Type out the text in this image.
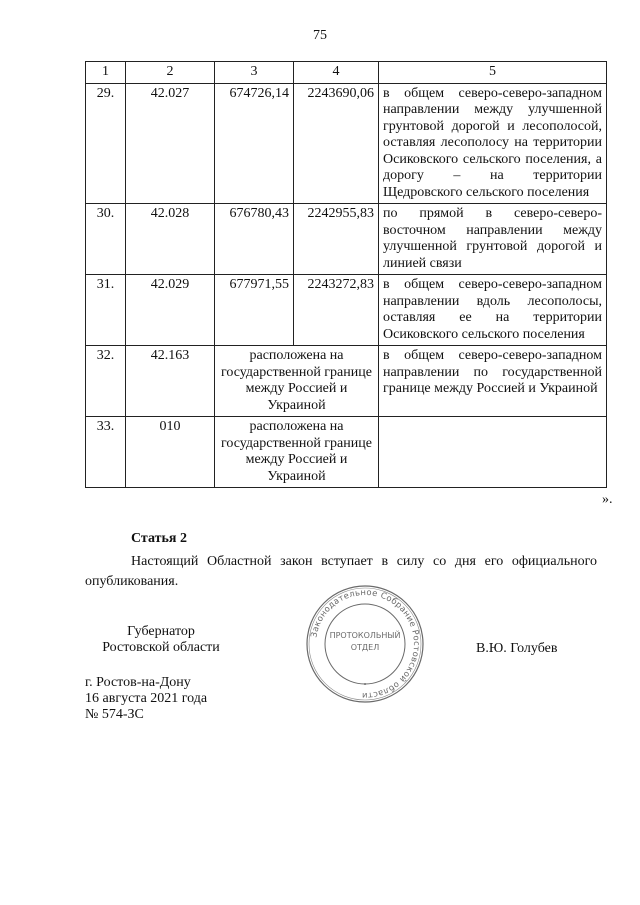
75
1	2	3	4	5
29.	42.027	674726,14	2243690,06	в общем северо-северо-западном направлении между улучшенной грунтовой дорогой и лесополосой, оставляя лесополосу на территории Осиковского сельского поселения, а дорогу – на территории Щедровского сельского поселения
30.	42.028	676780,43	2242955,83	по прямой в северо-северо-восточном направлении между улучшенной грунтовой дорогой и линией связи
31.	42.029	677971,55	2243272,83	в общем северо-северо-западном направлении вдоль лесополосы, оставляя ее на территории Осиковского сельского поселения
32.	42.163	расположена на государственной границе между Россией и Украиной		в общем северо-северо-западном направлении по государственной границе между Россией и Украиной
33.	010	расположена на государственной границе между Россией и Украиной		
».
Статья 2
Настоящий Областной закон вступает в силу со дня его официального опубликования.
Губернатор
Ростовской области	В.Ю. Голубев
г. Ростов-на-Дону
16 августа 2021 года
№ 574-ЗС
Законодательное Собрание Ростовской области
ПРОТОКОЛЬНЫЙ
ОТДЕЛ
•
